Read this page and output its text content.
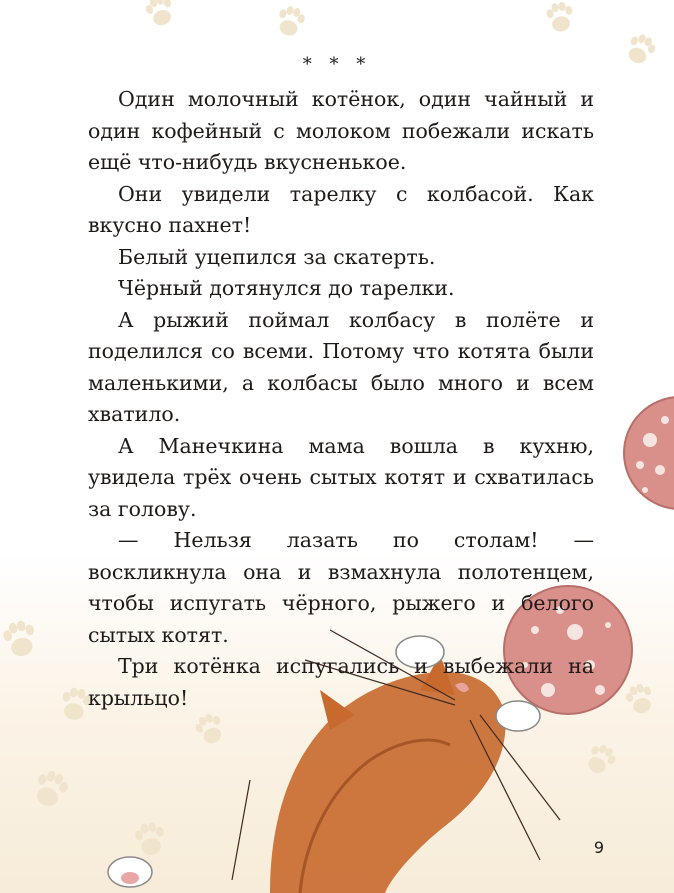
* * *

Один молочный котёнок, один чайный и один кофейный с молоком побежали искать ещё что-нибудь вкусненькое.

Они увидели тарелку с колбасой. Как вкусно пахнет!

Белый уцепился за скатерть.

Чёрный дотянулся до тарелки.

А рыжий поймал колбасу в полёте и поделился со всеми. Потому что котята были маленькими, а колбасы было много и всем хватило.

А Манечкина мама вошла в кухню, увидела трёх очень сытых котят и схватилась за голову.

— Нельзя лазать по столам! — воскликнула она и взмахнула полотенцем, чтобы испугать чёрного, рыжего и белого сытых котят.

Три котёнка испугались и выбежали на крыльцо!

9
